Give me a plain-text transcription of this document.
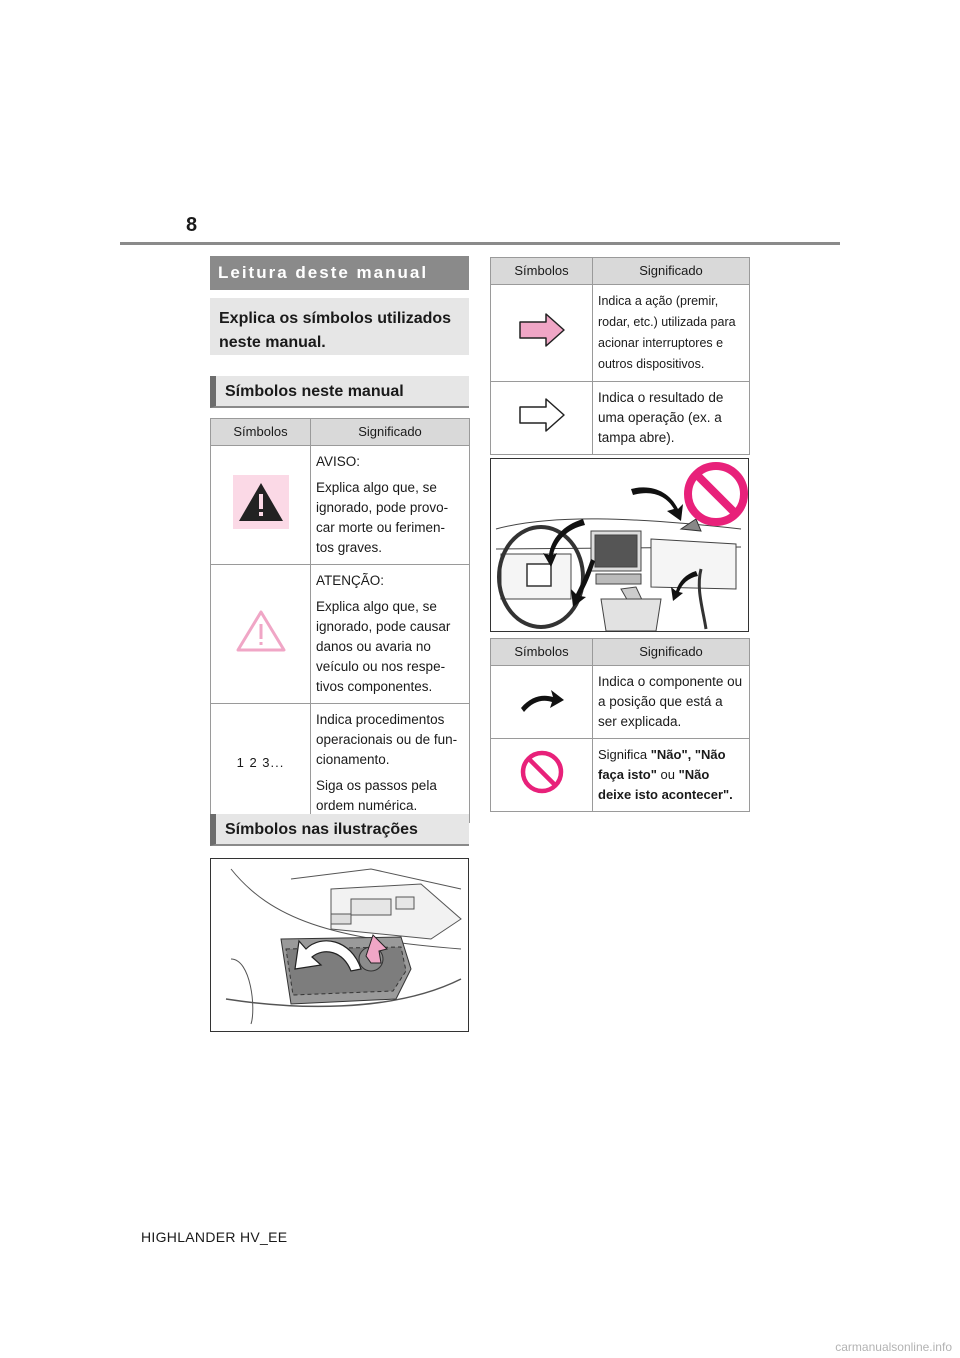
8
Leitura deste manual
Explica os símbolos utilizados neste manual.
Símbolos neste manual
Símbolos	Significado

AVISO:

Explica algo que, se ignorado, pode provo- car morte ou ferimen- tos graves.

ATENÇÃO:

Explica algo que, se ignorado, pode causar danos ou avaria no veículo ou nos respe- tivos componentes.

1 2 3...	Indica procedimentos operacionais ou de fun- cionamento.

Siga os passos pela ordem numérica.

Símbolos nas ilustrações
Símbolos	Significado
	Indica a ação (premir, rodar, etc.) utilizada para acionar interruptores e outros dispositivos.
	Indica o resultado de uma operação (ex. a tampa abre).
Símbolos	Significado
	Indica o componente ou a posição que está a ser explicada.
	Significa "Não", "Não faça isto" ou "Não deixe isto acontecer".
HIGHLANDER HV_EE
carmanualsonline.info
